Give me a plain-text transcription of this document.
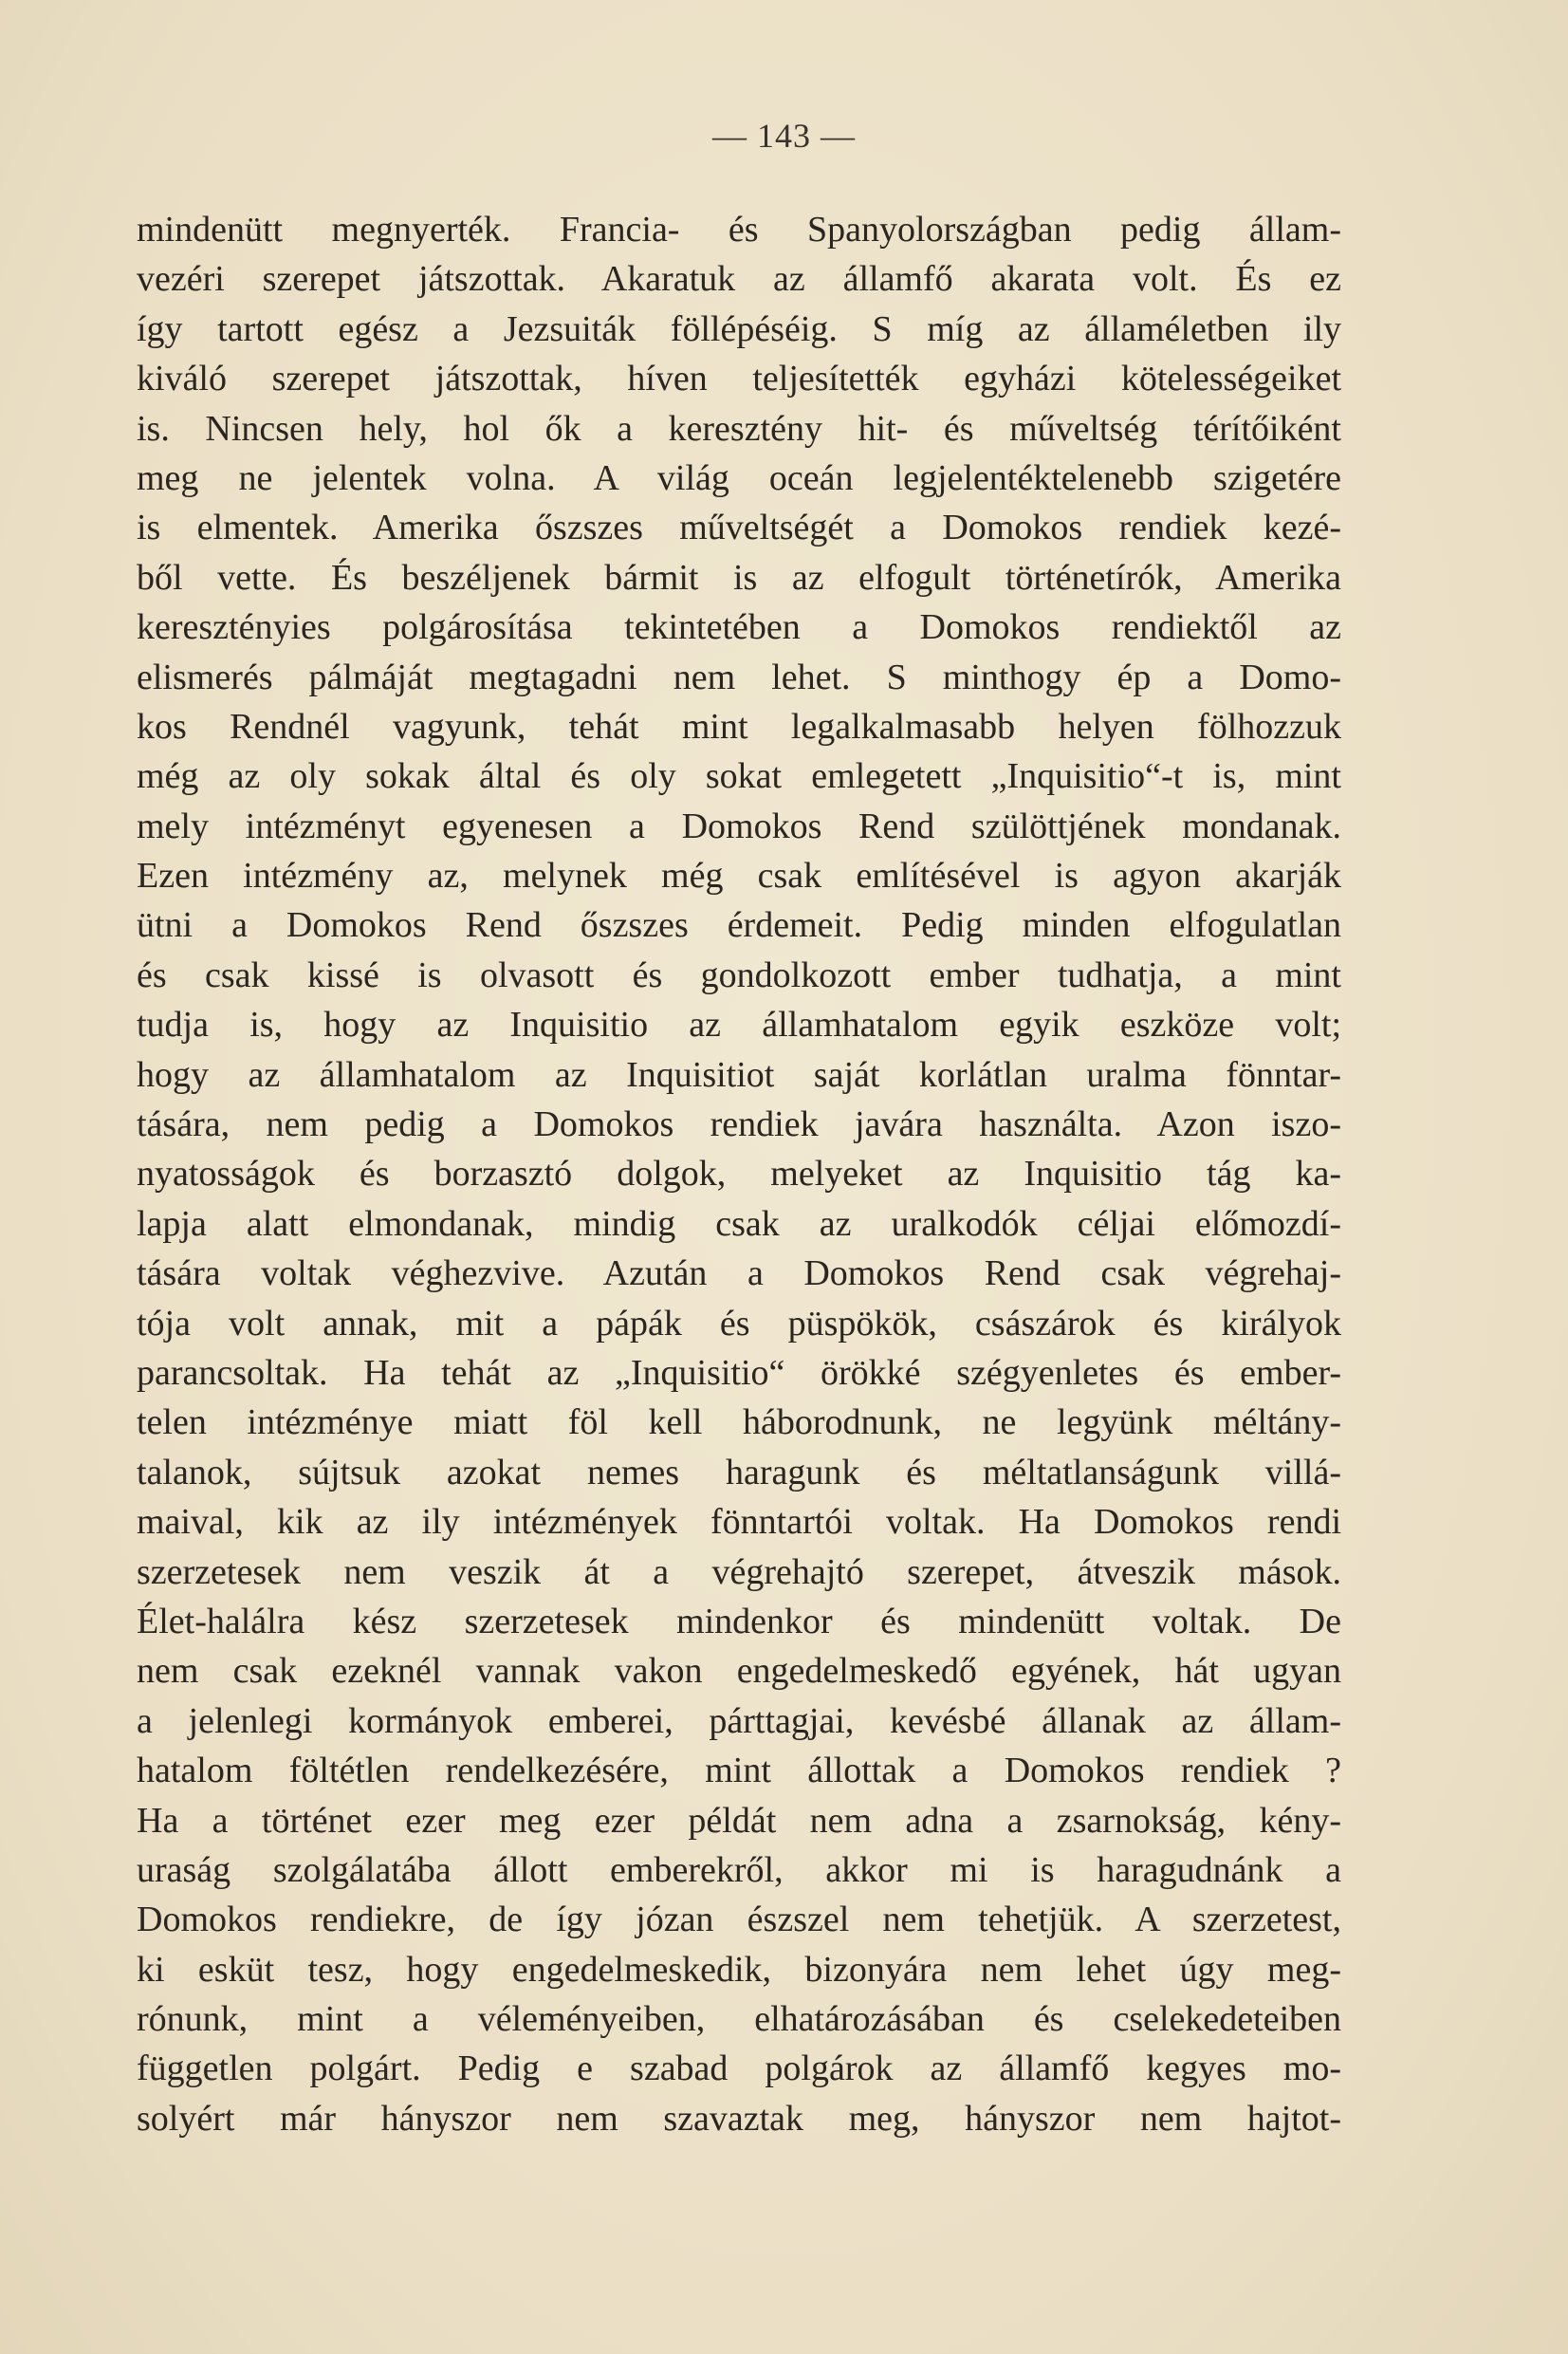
— 143 —
mindenütt megnyerték. Francia- és Spanyolországban pedig állam-
vezéri szerepet játszottak. Akaratuk az államfő akarata volt. És ez
így tartott egész a Jezsuiták föllépéséig. S míg az államéletben ily
kiváló szerepet játszottak, híven teljesítették egyházi kötelességeiket
is. Nincsen hely, hol ők a keresztény hit- és műveltség térítőiként
meg ne jelentek volna. A világ oceán legjelentéktelenebb szigetére
is elmentek. Amerika őszszes műveltségét a Domokos rendiek kezé-
ből vette. És beszéljenek bármit is az elfogult történetírók, Amerika
keresztényies polgárosítása tekintetében a Domokos rendiektől az
elismerés pálmáját megtagadni nem lehet. S minthogy ép a Domo-
kos Rendnél vagyunk, tehát mint legalkalmasabb helyen fölhozzuk
még az oly sokak által és oly sokat emlegetett „Inquisitio“-t is, mint
mely intézményt egyenesen a Domokos Rend szülöttjének mondanak.
Ezen intézmény az, melynek még csak említésével is agyon akarják
ütni a Domokos Rend őszszes érdemeit. Pedig minden elfogulatlan
és csak kissé is olvasott és gondolkozott ember tudhatja, a mint
tudja is, hogy az Inquisitio az államhatalom egyik eszköze volt;
hogy az államhatalom az Inquisitiot saját korlátlan uralma fönntar-
tására, nem pedig a Domokos rendiek javára használta. Azon iszo-
nyatosságok és borzasztó dolgok, melyeket az Inquisitio tág ka-
lapja alatt elmondanak, mindig csak az uralkodók céljai előmozdí-
tására voltak véghezvive. Azután a Domokos Rend csak végrehaj-
tója volt annak, mit a pápák és püspökök, császárok és királyok
parancsoltak. Ha tehát az „Inquisitio“ örökké szégyenletes és ember-
telen intézménye miatt föl kell háborodnunk, ne legyünk méltány-
talanok, sújtsuk azokat nemes haragunk és méltatlanságunk villá-
maival, kik az ily intézmények fönntartói voltak. Ha Domokos rendi
szerzetesek nem veszik át a végrehajtó szerepet, átveszik mások.
Élet-halálra kész szerzetesek mindenkor és mindenütt voltak. De
nem csak ezeknél vannak vakon engedelmeskedő egyének, hát ugyan
a jelenlegi kormányok emberei, párttagjai, kevésbé állanak az állam-
hatalom föltétlen rendelkezésére, mint állottak a Domokos rendiek ?
Ha a történet ezer meg ezer példát nem adna a zsarnokság, kény-
uraság szolgálatába állott emberekről, akkor mi is haragudnánk a
Domokos rendiekre, de így józan észszel nem tehetjük. A szerzetest,
ki esküt tesz, hogy engedelmeskedik, bizonyára nem lehet úgy meg-
rónunk, mint a véleményeiben, elhatározásában és cselekedeteiben
független polgárt. Pedig e szabad polgárok az államfő kegyes mo-
solyért már hányszor nem szavaztak meg, hányszor nem hajtot-
